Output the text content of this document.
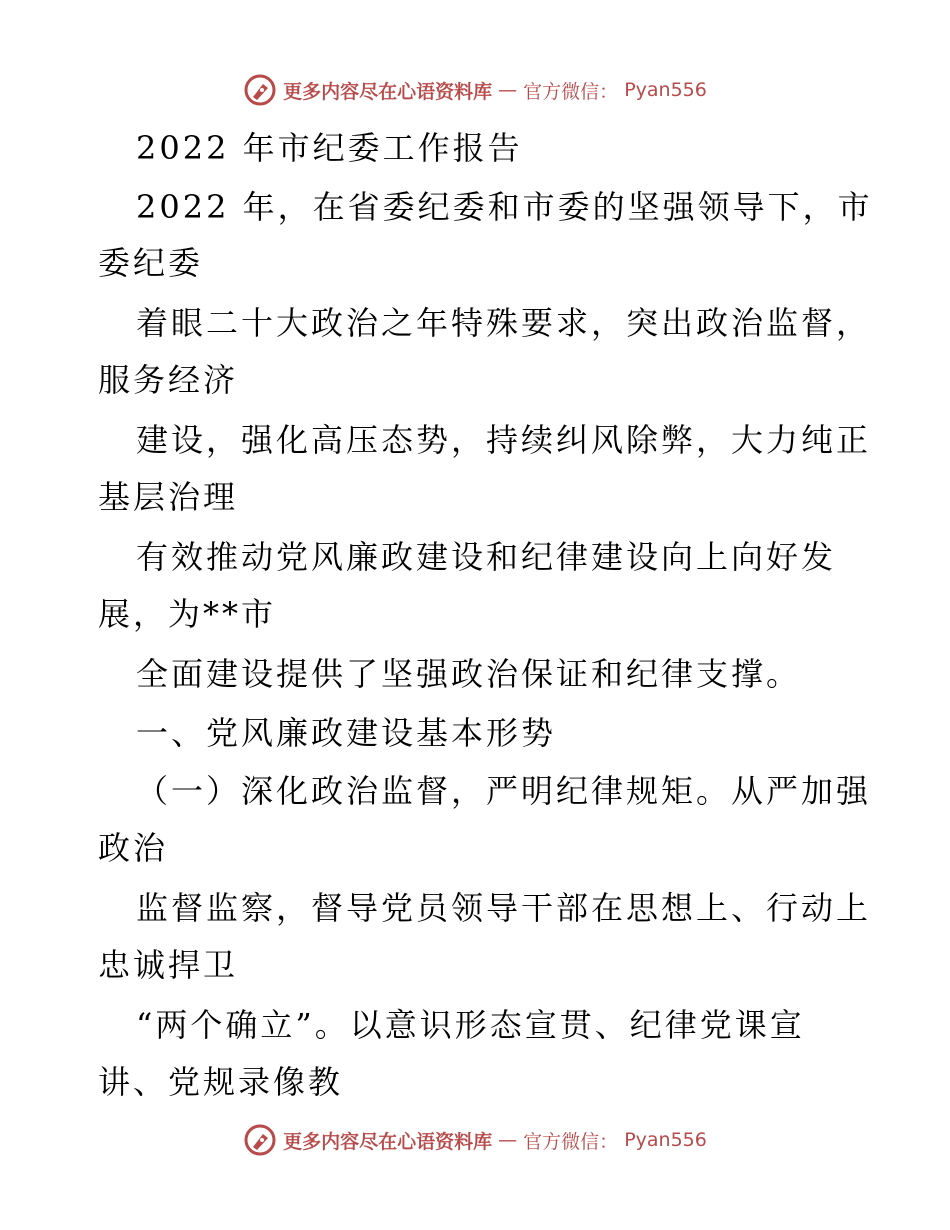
更多内容尽在心语资料库 — 官方微信： Pyan556
2022 年市纪委工作报告
2022 年，在省委纪委和市委的坚强领导下，市
委纪委
着眼二十大政治之年特殊要求，突出政治监督，
服务经济
建设，强化高压态势，持续纠风除弊，大力纯正
基层治理
有效推动党风廉政建设和纪律建设向上向好发
展，为**市
全面建设提供了坚强政治保证和纪律支撑。
一、党风廉政建设基本形势
（一）深化政治监督，严明纪律规矩。从严加强
政治
监督监察，督导党员领导干部在思想上、行动上
忠诚捍卫
“两个确立”。以意识形态宣贯、纪律党课宣
讲、党规录像教
更多内容尽在心语资料库 — 官方微信： Pyan556
